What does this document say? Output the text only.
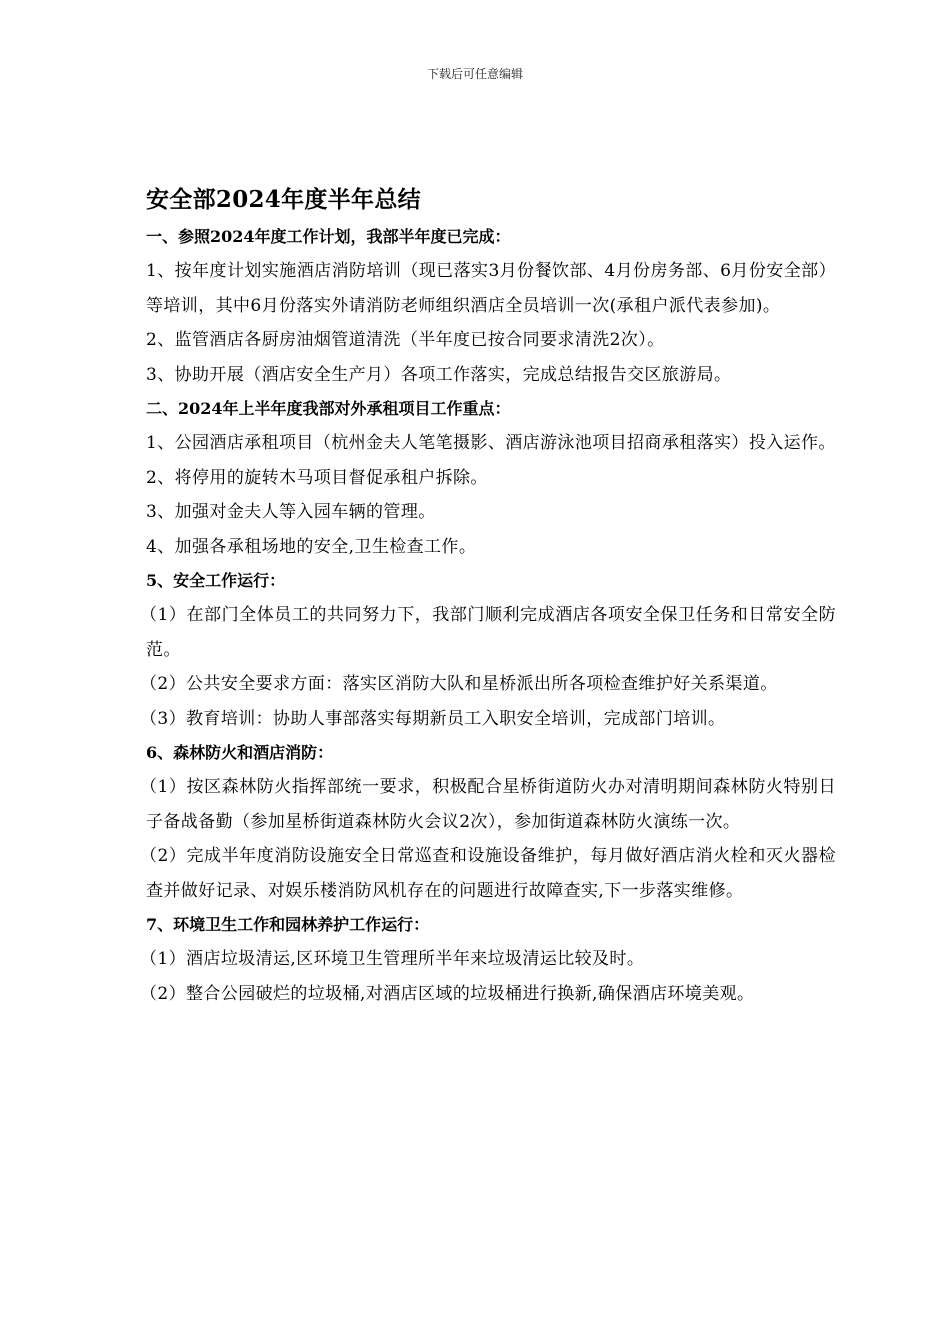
下载后可任意编辑
安全部2024年度半年总结

一、参照2024年度工作计划，我部半年度已完成：

1、按年度计划实施酒店消防培训（现已落实3月份餐饮部、4月份房务部、6月份安全部）等培训，其中6月份落实外请消防老师组织酒店全员培训一次(承租户派代表参加)。

2、监管酒店各厨房油烟管道清洗（半年度已按合同要求清洗2次）。

3、协助开展（酒店安全生产月）各项工作落实，完成总结报告交区旅游局。

二、2024年上半年度我部对外承租项目工作重点：

1、公园酒店承租项目（杭州金夫人笔笔摄影、酒店游泳池项目招商承租落实）投入运作。

2、将停用的旋转木马项目督促承租户拆除。

3、加强对金夫人等入园车辆的管理。

4、加强各承租场地的安全,卫生检查工作。

5、安全工作运行：

（1）在部门全体员工的共同努力下，我部门顺利完成酒店各项安全保卫任务和日常安全防范。

（2）公共安全要求方面：落实区消防大队和星桥派出所各项检查维护好关系渠道。

（3）教育培训：协助人事部落实每期新员工入职安全培训，完成部门培训。

6、森林防火和酒店消防：

（1）按区森林防火指挥部统一要求，积极配合星桥街道防火办对清明期间森林防火特别日子备战备勤（参加星桥街道森林防火会议2次），参加街道森林防火演练一次。

（2）完成半年度消防设施安全日常巡查和设施设备维护，每月做好酒店消火栓和灭火器检查并做好记录、对娱乐楼消防风机存在的问题进行故障查实,下一步落实维修。

7、环境卫生工作和园林养护工作运行：

（1）酒店垃圾清运,区环境卫生管理所半年来垃圾清运比较及时。

（2）整合公园破烂的垃圾桶,对酒店区域的垃圾桶进行换新,确保酒店环境美观。
